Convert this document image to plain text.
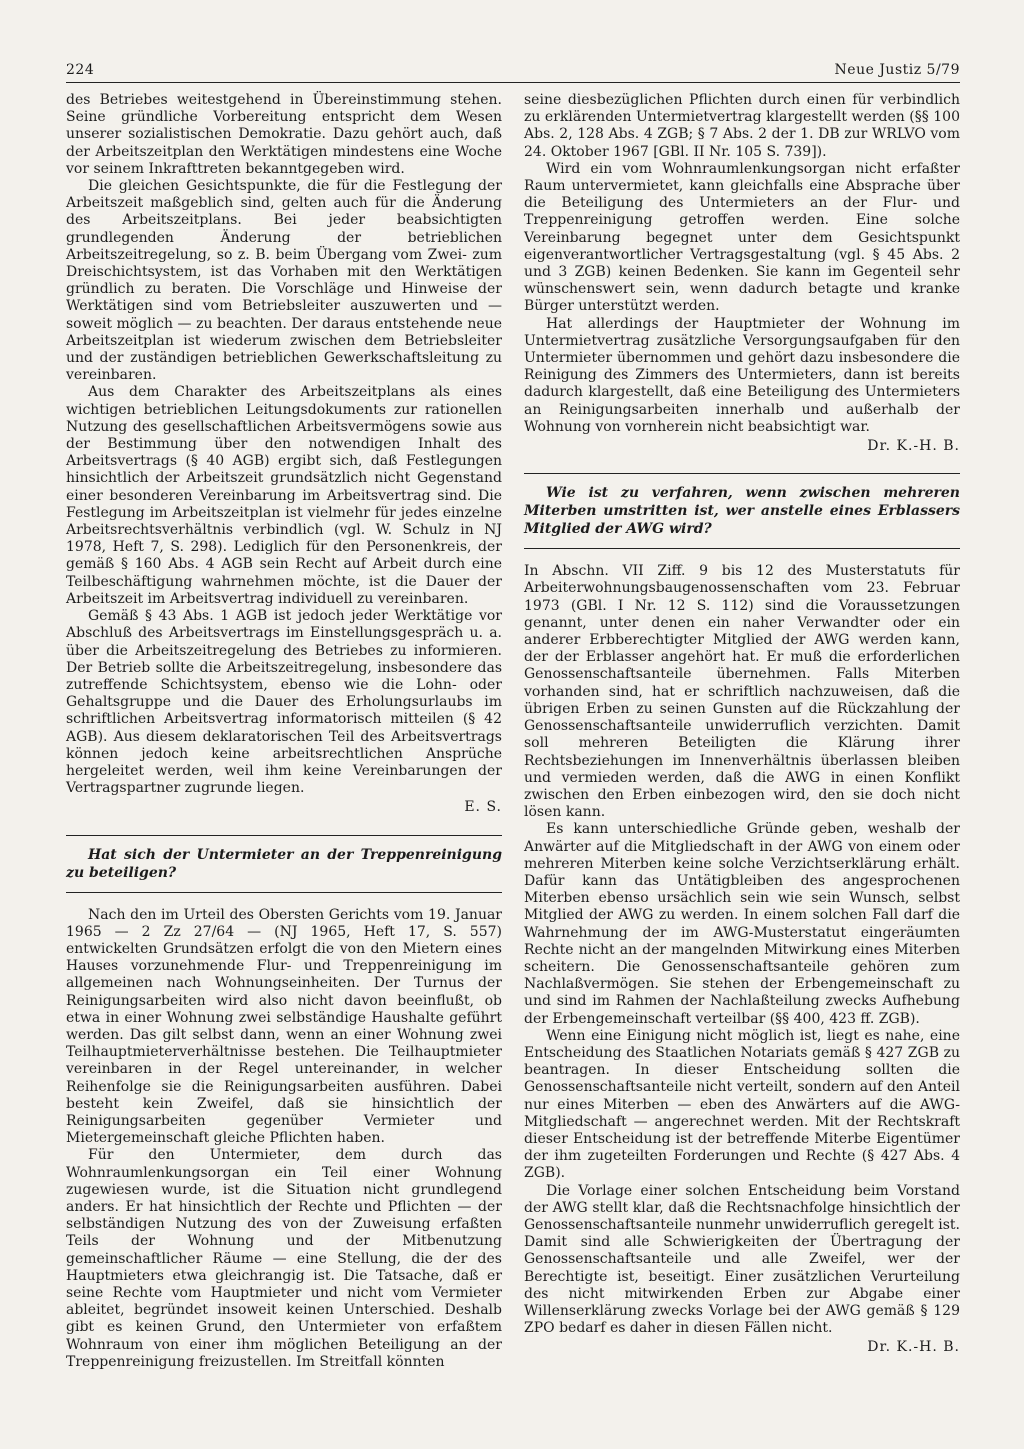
224	Neue Justiz 5/79

des Betriebes weitestgehend in Übereinstimmung stehen. Seine gründliche Vorbereitung entspricht dem Wesen unserer sozialistischen Demokratie. Dazu gehört auch, daß der Arbeitszeitplan den Werktätigen mindestens eine Woche vor seinem Inkrafttreten bekanntgegeben wird.

Die gleichen Gesichtspunkte, die für die Festlegung der Arbeitszeit maßgeblich sind, gelten auch für die Änderung des Arbeitszeitplans. Bei jeder beabsichtigten grundlegenden Änderung der betrieblichen Arbeitszeitregelung, so z. B. beim Übergang vom Zwei- zum Dreischichtsystem, ist das Vorhaben mit den Werktätigen gründlich zu beraten. Die Vorschläge und Hinweise der Werktätigen sind vom Betriebsleiter auszuwerten und — soweit möglich — zu beachten. Der daraus entstehende neue Arbeitszeitplan ist wiederum zwischen dem Betriebsleiter und der zuständigen betrieblichen Gewerkschaftsleitung zu vereinbaren.

Aus dem Charakter des Arbeitszeitplans als eines wichtigen betrieblichen Leitungsdokuments zur rationellen Nutzung des gesellschaftlichen Arbeitsvermögens sowie aus der Bestimmung über den notwendigen Inhalt des Arbeitsvertrags (§ 40 AGB) ergibt sich, daß Festlegungen hinsichtlich der Arbeitszeit grundsätzlich nicht Gegenstand einer besonderen Vereinbarung im Arbeitsvertrag sind. Die Festlegung im Arbeitszeitplan ist vielmehr für jedes einzelne Arbeitsrechtsverhältnis verbindlich (vgl. W. Schulz in NJ 1978, Heft 7, S. 298). Lediglich für den Personenkreis, der gemäß § 160 Abs. 4 AGB sein Recht auf Arbeit durch eine Teilbeschäftigung wahrnehmen möchte, ist die Dauer der Arbeitszeit im Arbeitsvertrag individuell zu vereinbaren.

Gemäß § 43 Abs. 1 AGB ist jedoch jeder Werktätige vor Abschluß des Arbeitsvertrags im Einstellungsgespräch u. a. über die Arbeitszeitregelung des Betriebes zu informieren. Der Betrieb sollte die Arbeitszeitregelung, insbesondere das zutreffende Schichtsystem, ebenso wie die Lohn- oder Gehaltsgruppe und die Dauer des Erholungsurlaubs im schriftlichen Arbeitsvertrag informatorisch mitteilen (§ 42 AGB). Aus diesem deklaratorischen Teil des Arbeitsvertrags können jedoch keine arbeitsrechtlichen Ansprüche hergeleitet werden, weil ihm keine Vereinbarungen der Vertragspartner zugrunde liegen.

E. S.

Hat sich der Untermieter an der Treppenreinigung zu beteiligen?

Nach den im Urteil des Obersten Gerichts vom 19. Januar 1965 — 2 Zz 27/64 — (NJ 1965, Heft 17, S. 557) entwickelten Grundsätzen erfolgt die von den Mietern eines Hauses vorzunehmende Flur- und Treppenreinigung im allgemeinen nach Wohnungseinheiten. Der Turnus der Reinigungsarbeiten wird also nicht davon beeinflußt, ob etwa in einer Wohnung zwei selbständige Haushalte geführt werden. Das gilt selbst dann, wenn an einer Wohnung zwei Teilhauptmieterverhältnisse bestehen. Die Teilhauptmieter vereinbaren in der Regel untereinander, in welcher Reihenfolge sie die Reinigungsarbeiten ausführen. Dabei besteht kein Zweifel, daß sie hinsichtlich der Reinigungsarbeiten gegenüber Vermieter und Mietergemeinschaft gleiche Pflichten haben.

Für den Untermieter, dem durch das Wohnraumlenkungsorgan ein Teil einer Wohnung zugewiesen wurde, ist die Situation nicht grundlegend anders. Er hat hinsichtlich der Rechte und Pflichten — der selbständigen Nutzung des von der Zuweisung erfaßten Teils der Wohnung und der Mitbenutzung gemeinschaftlicher Räume — eine Stellung, die der des Hauptmieters etwa gleichrangig ist. Die Tatsache, daß er seine Rechte vom Hauptmieter und nicht vom Vermieter ableitet, begründet insoweit keinen Unterschied. Deshalb gibt es keinen Grund, den Untermieter von erfaßtem Wohnraum von einer ihm möglichen Beteiligung an der Treppenreinigung freizustellen. Im Streitfall könnten

seine diesbezüglichen Pflichten durch einen für verbindlich zu erklärenden Untermietvertrag klargestellt werden (§§ 100 Abs. 2, 128 Abs. 4 ZGB; § 7 Abs. 2 der 1. DB zur WRLVO vom 24. Oktober 1967 [GBl. II Nr. 105 S. 739]).

Wird ein vom Wohnraumlenkungsorgan nicht erfaßter Raum untervermietet, kann gleichfalls eine Absprache über die Beteiligung des Untermieters an der Flur- und Treppenreinigung getroffen werden. Eine solche Vereinbarung begegnet unter dem Gesichtspunkt eigenverantwortlicher Vertragsgestaltung (vgl. § 45 Abs. 2 und 3 ZGB) keinen Bedenken. Sie kann im Gegenteil sehr wünschenswert sein, wenn dadurch betagte und kranke Bürger unterstützt werden.

Hat allerdings der Hauptmieter der Wohnung im Untermietvertrag zusätzliche Versorgungsaufgaben für den Untermieter übernommen und gehört dazu insbesondere die Reinigung des Zimmers des Untermieters, dann ist bereits dadurch klargestellt, daß eine Beteiligung des Untermieters an Reinigungsarbeiten innerhalb und außerhalb der Wohnung von vornherein nicht beabsichtigt war.

Dr. K.-H. B.

Wie ist zu verfahren, wenn zwischen mehreren Miterben umstritten ist, wer anstelle eines Erblassers Mitglied der AWG wird?

In Abschn. VII Ziff. 9 bis 12 des Musterstatuts für Arbeiterwohnungsbaugenossenschaften vom 23. Februar 1973 (GBl. I Nr. 12 S. 112) sind die Voraussetzungen genannt, unter denen ein naher Verwandter oder ein anderer Erbberechtigter Mitglied der AWG werden kann, der der Erblasser angehört hat. Er muß die erforderlichen Genossenschaftsanteile übernehmen. Falls Miterben vorhanden sind, hat er schriftlich nachzuweisen, daß die übrigen Erben zu seinen Gunsten auf die Rückzahlung der Genossenschaftsanteile unwiderruflich verzichten. Damit soll mehreren Beteiligten die Klärung ihrer Rechtsbeziehungen im Innenverhältnis überlassen bleiben und vermieden werden, daß die AWG in einen Konflikt zwischen den Erben einbezogen wird, den sie doch nicht lösen kann.

Es kann unterschiedliche Gründe geben, weshalb der Anwärter auf die Mitgliedschaft in der AWG von einem oder mehreren Miterben keine solche Verzichtserklärung erhält. Dafür kann das Untätigbleiben des angesprochenen Miterben ebenso ursächlich sein wie sein Wunsch, selbst Mitglied der AWG zu werden. In einem solchen Fall darf die Wahrnehmung der im AWG-Musterstatut eingeräumten Rechte nicht an der mangelnden Mitwirkung eines Miterben scheitern. Die Genossenschaftsanteile gehören zum Nachlaßvermögen. Sie stehen der Erbengemeinschaft zu und sind im Rahmen der Nachlaßteilung zwecks Aufhebung der Erbengemeinschaft verteilbar (§§ 400, 423 ff. ZGB).

Wenn eine Einigung nicht möglich ist, liegt es nahe, eine Entscheidung des Staatlichen Notariats gemäß § 427 ZGB zu beantragen. In dieser Entscheidung sollten die Genossenschaftsanteile nicht verteilt, sondern auf den Anteil nur eines Miterben — eben des Anwärters auf die AWG-Mitgliedschaft — angerechnet werden. Mit der Rechtskraft dieser Entscheidung ist der betreffende Miterbe Eigentümer der ihm zugeteilten Forderungen und Rechte (§ 427 Abs. 4 ZGB).

Die Vorlage einer solchen Entscheidung beim Vorstand der AWG stellt klar, daß die Rechtsnachfolge hinsichtlich der Genossenschaftsanteile nunmehr unwiderruflich geregelt ist. Damit sind alle Schwierigkeiten der Übertragung der Genossenschaftsanteile und alle Zweifel, wer der Berechtigte ist, beseitigt. Einer zusätzlichen Verurteilung des nicht mitwirkenden Erben zur Abgabe einer Willenserklärung zwecks Vorlage bei der AWG gemäß § 129 ZPO bedarf es daher in diesen Fällen nicht.

Dr. K.-H. B.
